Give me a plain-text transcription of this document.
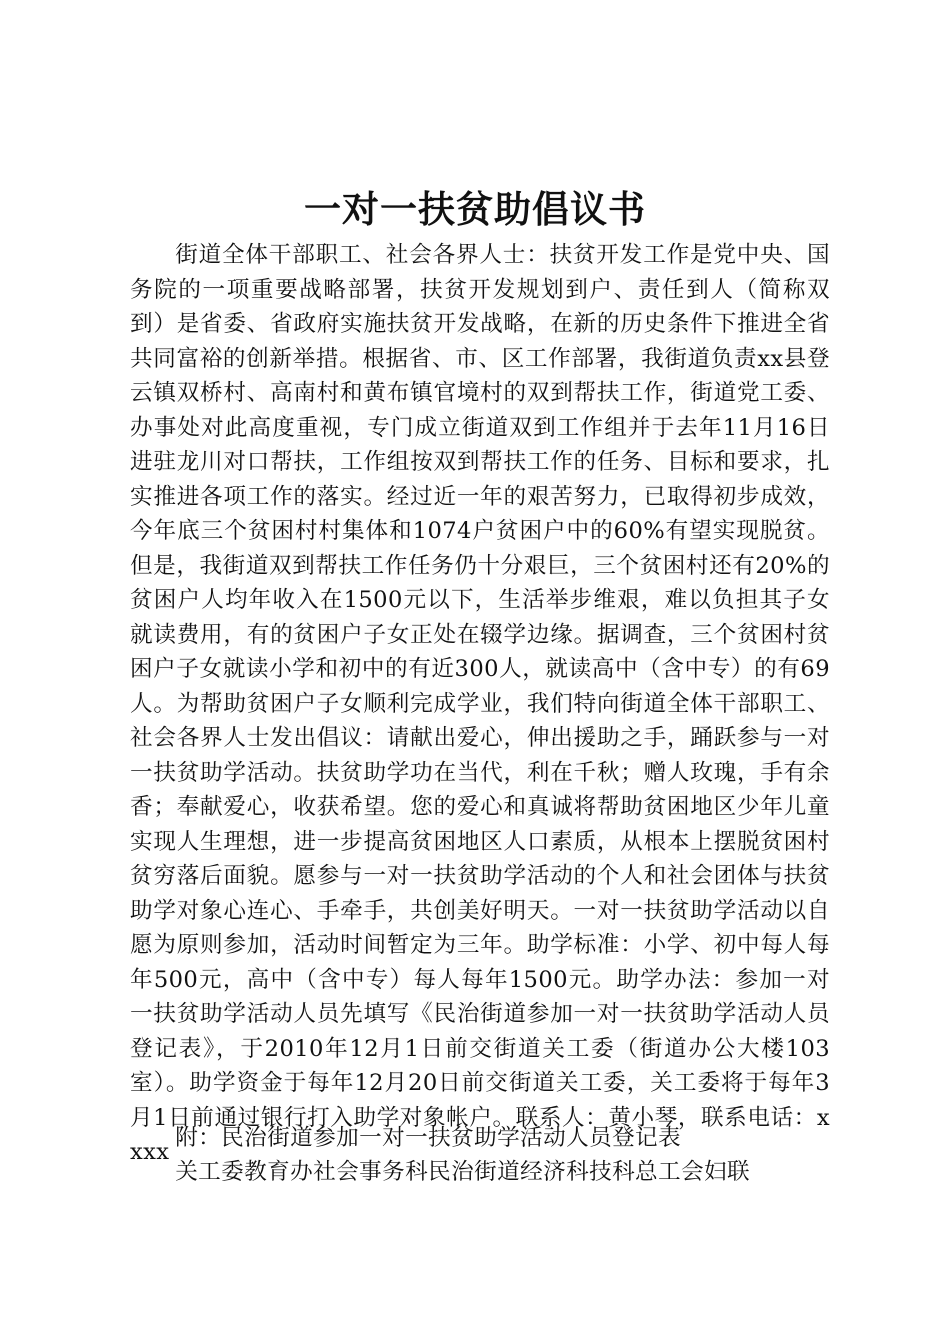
一对一扶贫助倡议书

街道全体干部职工、社会各界人士：扶贫开发工作是党中央、国务院的一项重要战略部署，扶贫开发规划到户、责任到人（简称双到）是省委、省政府实施扶贫开发战略，在新的历史条件下推进全省共同富裕的创新举措。根据省、市、区工作部署，我街道负责xx县登云镇双桥村、高南村和黄布镇官境村的双到帮扶工作，街道党工委、办事处对此高度重视，专门成立街道双到工作组并于去年11月16日进驻龙川对口帮扶，工作组按双到帮扶工作的任务、目标和要求，扎实推进各项工作的落实。经过近一年的艰苦努力，已取得初步成效，今年底三个贫困村村集体和1074户贫困户中的60%有望实现脱贫。但是，我街道双到帮扶工作任务仍十分艰巨，三个贫困村还有20%的贫困户人均年收入在1500元以下，生活举步维艰，难以负担其子女就读费用，有的贫困户子女正处在辍学边缘。据调查，三个贫困村贫困户子女就读小学和初中的有近300人，就读高中（含中专）的有69人。为帮助贫困户子女顺利完成学业，我们特向街道全体干部职工、社会各界人士发出倡议：请献出爱心，伸出援助之手，踊跃参与一对一扶贫助学活动。扶贫助学功在当代，利在千秋；赠人玫瑰，手有余香；奉献爱心，收获希望。您的爱心和真诚将帮助贫困地区少年儿童实现人生理想，进一步提高贫困地区人口素质，从根本上摆脱贫困村贫穷落后面貌。愿参与一对一扶贫助学活动的个人和社会团体与扶贫助学对象心连心、手牵手，共创美好明天。一对一扶贫助学活动以自愿为原则参加，活动时间暂定为三年。助学标准：小学、初中每人每年500元，高中（含中专）每人每年1500元。助学办法：参加一对一扶贫助学活动人员先填写《民治街道参加一对一扶贫助学活动人员登记表》，于2010年12月1日前交街道关工委（街道办公大楼103室）。助学资金于每年12月20日前交街道关工委，关工委将于每年3月1日前通过银行打入助学对象帐户。联系人：黄小琴，联系电话：xxxx

附：民治街道参加一对一扶贫助学活动人员登记表

关工委教育办社会事务科民治街道经济科技科总工会妇联
